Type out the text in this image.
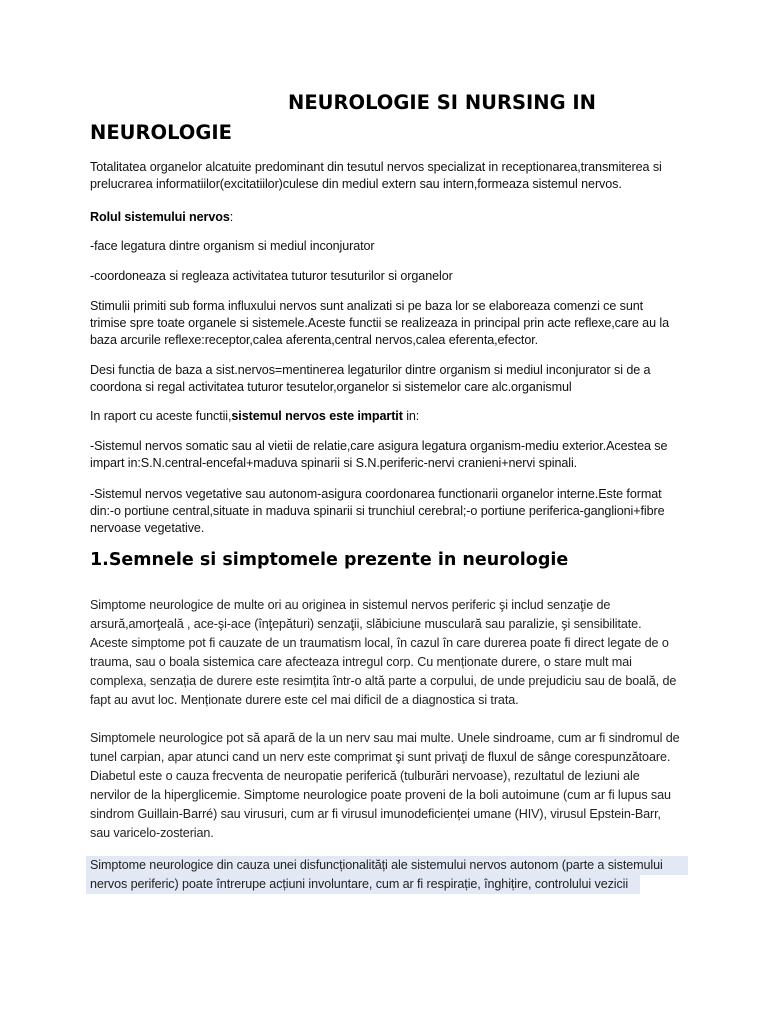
NEUROLOGIE SI NURSING IN
NEUROLOGIE

Totalitatea organelor alcatuite predominant din tesutul nervos specializat in receptionarea,transmiterea si prelucrarea informatiilor(excitatiilor)culese din mediul extern sau intern,formeaza sistemul nervos.

Rolul sistemului nervos:

-face legatura dintre organism si mediul inconjurator

-coordoneaza si regleaza activitatea tuturor tesuturilor si organelor

Stimulii primiti sub forma influxului nervos sunt analizati si pe baza lor se elaboreaza comenzi ce sunt trimise spre toate organele si sistemele.Aceste functii se realizeaza in principal prin acte reflexe,care au la baza arcurile reflexe:receptor,calea aferenta,central nervos,calea eferenta,efector.

Desi functia de baza a sist.nervos=mentinerea legaturilor dintre organism si mediul inconjurator si de a coordona si regal activitatea tuturor tesutelor,organelor si sistemelor care alc.organismul

In raport cu aceste functii,sistemul nervos este impartit in:

-Sistemul nervos somatic sau al vietii de relatie,care asigura legatura organism-mediu exterior.Acestea se impart in:S.N.central-encefal+maduva spinarii si S.N.periferic-nervi cranieni+nervi spinali.

-Sistemul nervos vegetative sau autonom-asigura coordonarea functionarii organelor interne.Este format din:-o portiune central,situate in maduva spinarii si trunchiul cerebral;-o portiune periferica-ganglioni+fibre nervoase vegetative.

1.Semnele si simptomele prezente in neurologie

Simptome neurologice de multe ori au originea in sistemul nervos periferic şi includ senzaţie de arsură,amorţeală , ace-şi-ace (înţepături) senzaţii, slăbiciune musculară sau paralizie, şi sensibilitate. Aceste simptome pot fi cauzate de un traumatism local, în cazul în care durerea poate fi direct legate de o trauma, sau o boala sistemica care afecteaza intregul corp. Cu menționate durere, o stare mult mai complexa, senzația de durere este resimțita într-o altă parte a corpului, de unde prejudiciu sau de boală, de fapt au avut loc. Menționate durere este cel mai dificil de a diagnostica si trata.

Simptomele neurologice pot să apară de la un nerv sau mai multe. Unele sindroame, cum ar fi sindromul de tunel carpian, apar atunci cand un nerv este comprimat şi sunt privaţi de fluxul de sânge corespunzătoare. Diabetul este o cauza frecventa de neuropatie periferică (tulburări nervoase), rezultatul de leziuni ale nervilor de la hiperglicemie. Simptome neurologice poate proveni de la boli autoimune (cum ar fi lupus sau sindrom Guillain-Barré) sau virusuri, cum ar fi virusul imunodeficienței umane (HIV), virusul Epstein-Barr, sau varicelo-zosterian.

Simptome neurologice din cauza unei disfuncționalități ale sistemului nervos autonom (parte a sistemului
nervos periferic) poate întrerupe acțiuni involuntare, cum ar fi respirație, înghițire, controlului vezicii
